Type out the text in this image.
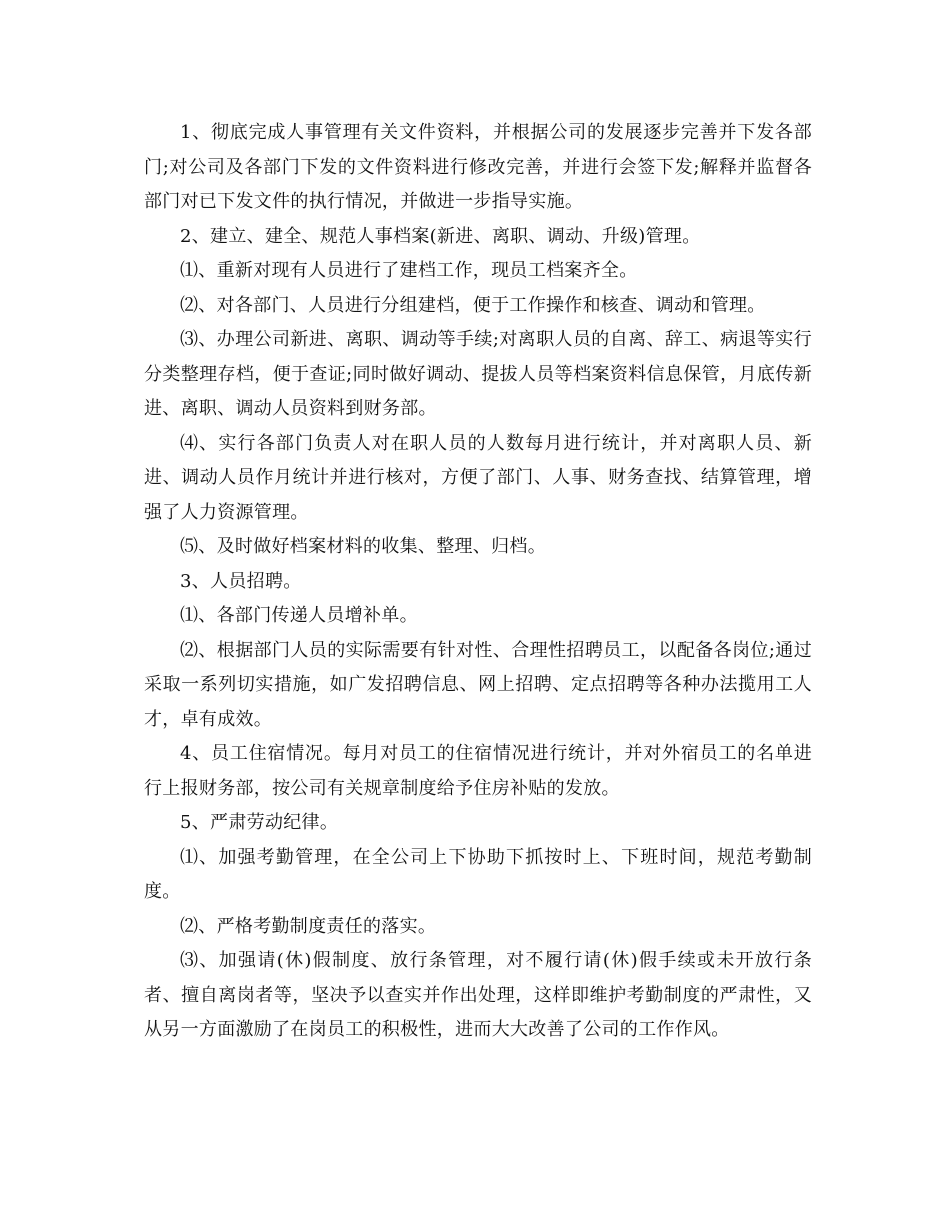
1、彻底完成人事管理有关文件资料，并根据公司的发展逐步完善并下发各部门;对公司及各部门下发的文件资料进行修改完善，并进行会签下发;解释并监督各部门对已下发文件的执行情况，并做进一步指导实施。

2、建立、建全、规范人事档案(新进、离职、调动、升级)管理。

⑴、重新对现有人员进行了建档工作，现员工档案齐全。

⑵、对各部门、人员进行分组建档，便于工作操作和核查、调动和管理。

⑶、办理公司新进、离职、调动等手续;对离职人员的自离、辞工、病退等实行分类整理存档，便于查证;同时做好调动、提拔人员等档案资料信息保管，月底传新进、离职、调动人员资料到财务部。

⑷、实行各部门负责人对在职人员的人数每月进行统计，并对离职人员、新进、调动人员作月统计并进行核对，方便了部门、人事、财务查找、结算管理，增强了人力资源管理。

⑸、及时做好档案材料的收集、整理、归档。

3、人员招聘。

⑴、各部门传递人员增补单。

⑵、根据部门人员的实际需要有针对性、合理性招聘员工，以配备各岗位;通过采取一系列切实措施，如广发招聘信息、网上招聘、定点招聘等各种办法揽用工人才，卓有成效。

4、员工住宿情况。每月对员工的住宿情况进行统计，并对外宿员工的名单进行上报财务部，按公司有关规章制度给予住房补贴的发放。

5、严肃劳动纪律。

⑴、加强考勤管理，在全公司上下协助下抓按时上、下班时间，规范考勤制度。

⑵、严格考勤制度责任的落实。

⑶、加强请(休)假制度、放行条管理，对不履行请(休)假手续或未开放行条者、擅自离岗者等，坚决予以查实并作出处理，这样即维护考勤制度的严肃性，又从另一方面激励了在岗员工的积极性，进而大大改善了公司的工作作风。
